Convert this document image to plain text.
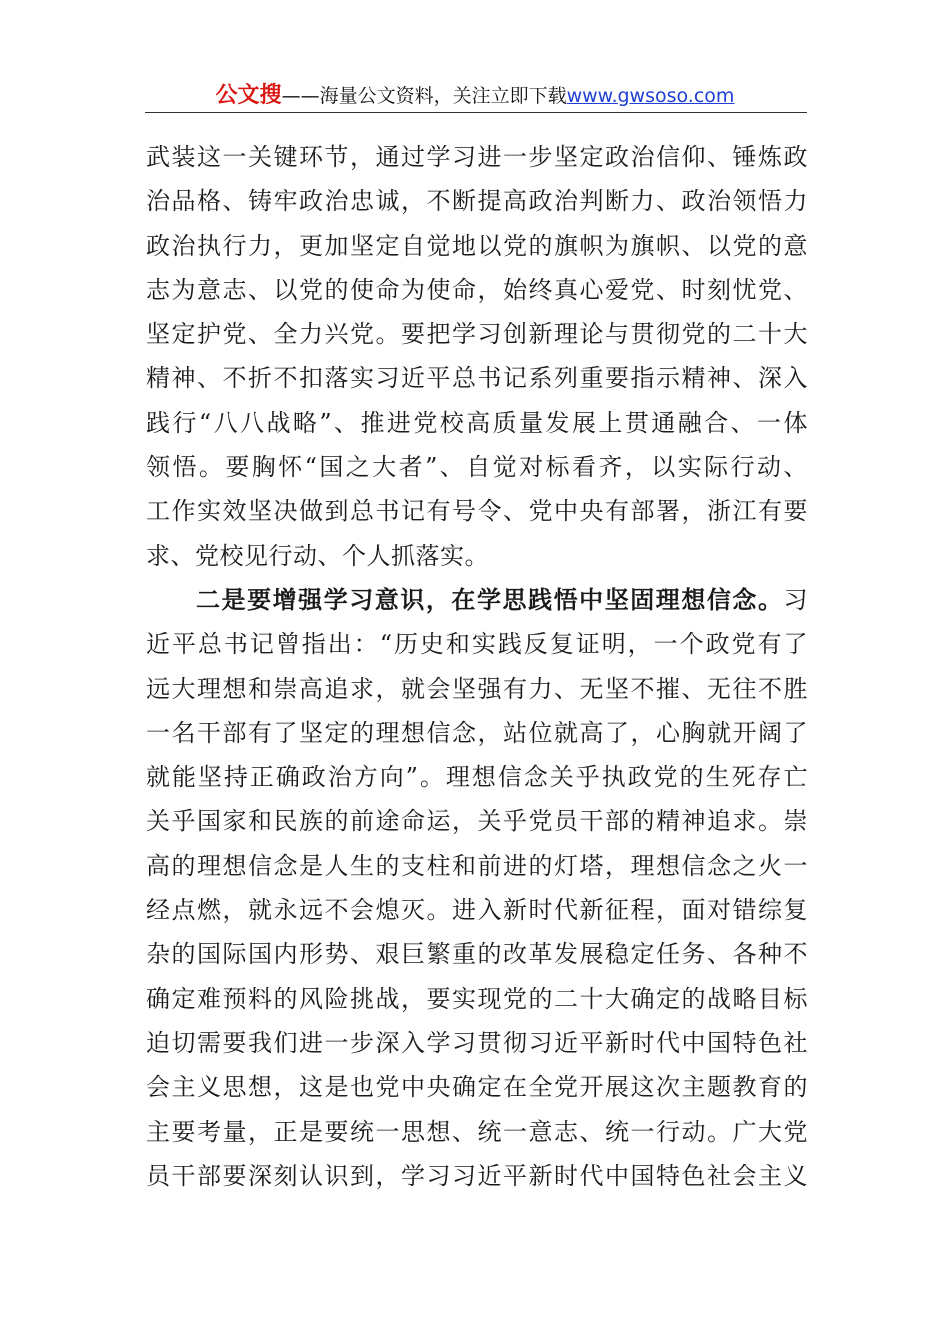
公文搜——海量公文资料，关注立即下载www.gwsoso.com
武装这一关键环节，通过学习进一步坚定政治信仰、锤炼政
治品格、铸牢政治忠诚，不断提高政治判断力、政治领悟力
政治执行力，更加坚定自觉地以党的旗帜为旗帜、以党的意
志为意志、以党的使命为使命，始终真心爱党、时刻忧党、
坚定护党、全力兴党。要把学习创新理论与贯彻党的二十大
精神、不折不扣落实习近平总书记系列重要指示精神、深入
践行“八八战略”、推进党校高质量发展上贯通融合、一体
领悟。要胸怀“国之大者”、自觉对标看齐，以实际行动、
工作实效坚决做到总书记有号令、党中央有部署，浙江有要
求、党校见行动、个人抓落实。
二是要增强学习意识，在学思践悟中坚固理想信念。习
近平总书记曾指出：“历史和实践反复证明，一个政党有了
远大理想和崇高追求，就会坚强有力、无坚不摧、无往不胜
一名干部有了坚定的理想信念，站位就高了，心胸就开阔了
就能坚持正确政治方向”。理想信念关乎执政党的生死存亡
关乎国家和民族的前途命运，关乎党员干部的精神追求。崇
高的理想信念是人生的支柱和前进的灯塔，理想信念之火一
经点燃，就永远不会熄灭。进入新时代新征程，面对错综复
杂的国际国内形势、艰巨繁重的改革发展稳定任务、各种不
确定难预料的风险挑战，要实现党的二十大确定的战略目标
迫切需要我们进一步深入学习贯彻习近平新时代中国特色社
会主义思想，这是也党中央确定在全党开展这次主题教育的
主要考量，正是要统一思想、统一意志、统一行动。广大党
员干部要深刻认识到，学习习近平新时代中国特色社会主义
